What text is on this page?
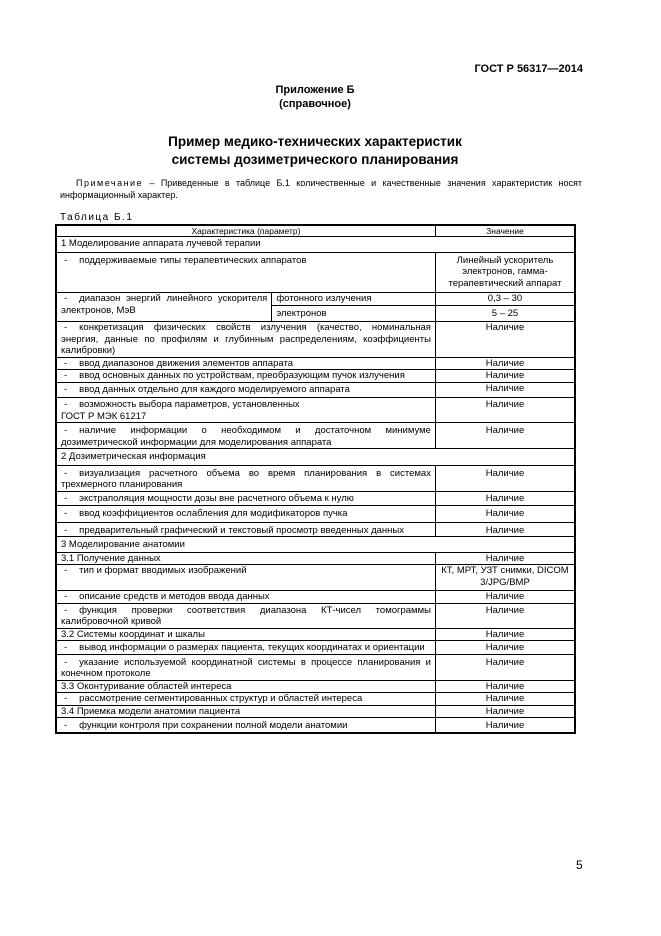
ГОСТ Р 56317—2014
Приложение Б
(справочное)
Пример медико-технических характеристик
системы дозиметрического планирования
Примечание – Приведенные в таблице Б.1 количественные и качественные значения характеристик носят информационный характер.
Таблица Б.1
Характеристика (параметр)		Значение
1 Моделирование аппарата лучевой терапии		
- поддерживаемые типы терапевтических аппаратов		Линейный ускоритель электронов, гамма-терапевтический аппарат
- диапазон энергий линейного ускорителя электронов, МэВ	фотонного излучения	0,3 – 30
	электронов	5 – 25
- конкретизация физических свойств излучения (качество, номинальная энергия, данные по профилям и глубинным распределениям, коэффициенты калибровки)		Наличие
- ввод диапазонов движения элементов аппарата		Наличие
- ввод основных данных по устройствам, преобразующим пучок излучения		Наличие
- ввод данных отдельно для каждого моделируемого аппарата		Наличие
- возможность выбора параметров, установленных
ГОСТ Р МЭК 61217		Наличие
- наличие информации о необходимом и достаточном минимуме дозиметрической информации для моделирования аппарата		Наличие
2 Дозиметрическая информация		
- визуализация расчетного объема во время планирования в системах трехмерного планирования		Наличие
- экстраполяция мощности дозы вне расчетного объема к нулю		Наличие
- ввод коэффициентов ослабления для модификаторов пучка		Наличие
- предварительный графический и текстовый просмотр введенных данных		Наличие
3 Моделирование анатомии		
3.1 Получение данных		Наличие
- тип и формат вводимых изображений		КТ, МРТ, УЗТ снимки, DICOM 3/JPG/BMP
- описание средств и методов ввода данных		Наличие
- функция проверки соответствия диапазона КТ-чисел томограммы калибровочной кривой		Наличие
3.2 Системы координат и шкалы		Наличие
- вывод информации о размерах пациента, текущих координатах и ориентации		Наличие
- указание используемой координатной системы в процессе планирования и конечном протоколе		Наличие
3.3 Оконтуривание областей интереса		Наличие
- рассмотрение сегментированных структур и областей интереса		Наличие
3.4 Приемка модели анатомии пациента		Наличие
- функции контроля при сохранении полной модели анатомии		Наличие
5
